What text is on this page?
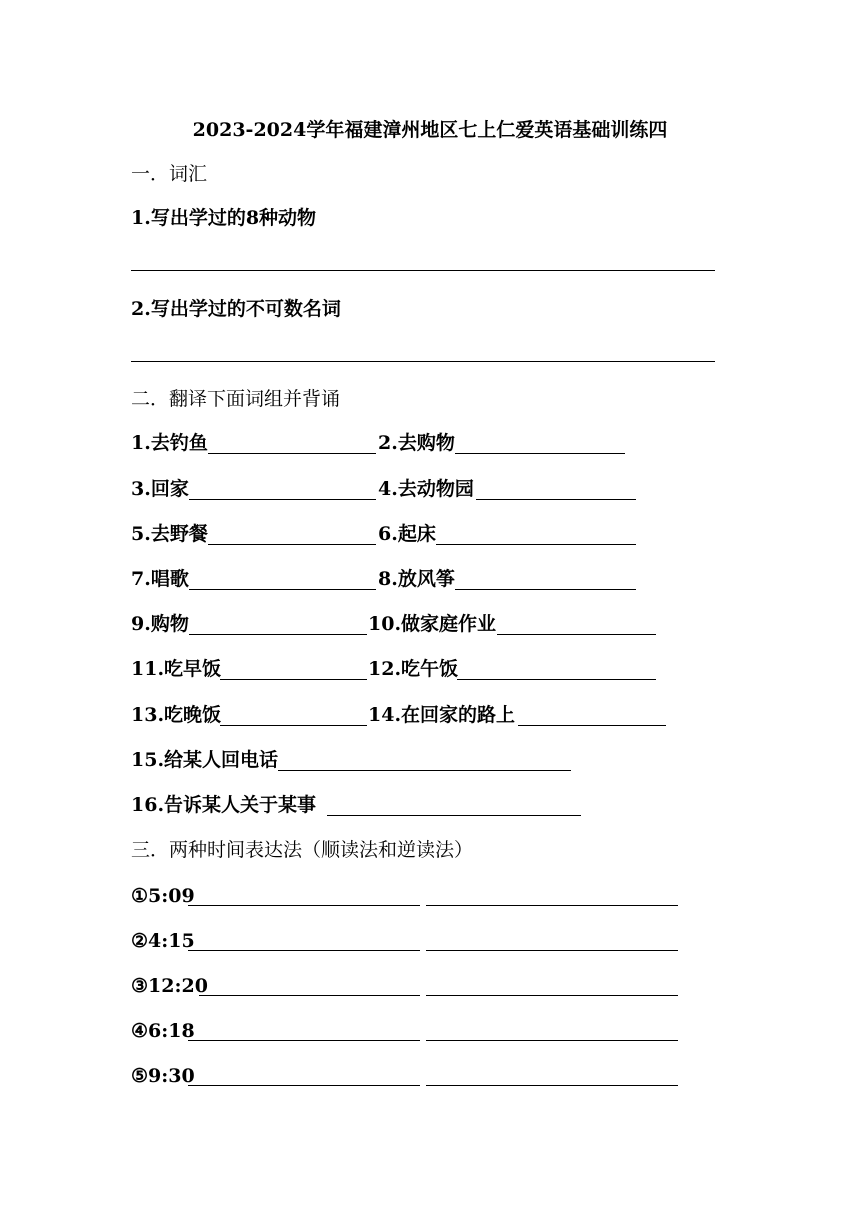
2023-2024学年福建漳州地区七上仁爱英语基础训练四
一．词汇
1.写出学过的8种动物
2.写出学过的不可数名词
二．翻译下面词组并背诵
1.去钓鱼	2.去购物
3.回家	4.去动物园
5.去野餐	6.起床
7.唱歌	8.放风筝
9.购物	10.做家庭作业
11.吃早饭	12.吃午饭
13.吃晚饭	14.在回家的路上
15.给某人回电话
16.告诉某人关于某事
三．两种时间表达法（顺读法和逆读法）
①5:09
②4:15
③12:20
④6:18
⑤9:30
